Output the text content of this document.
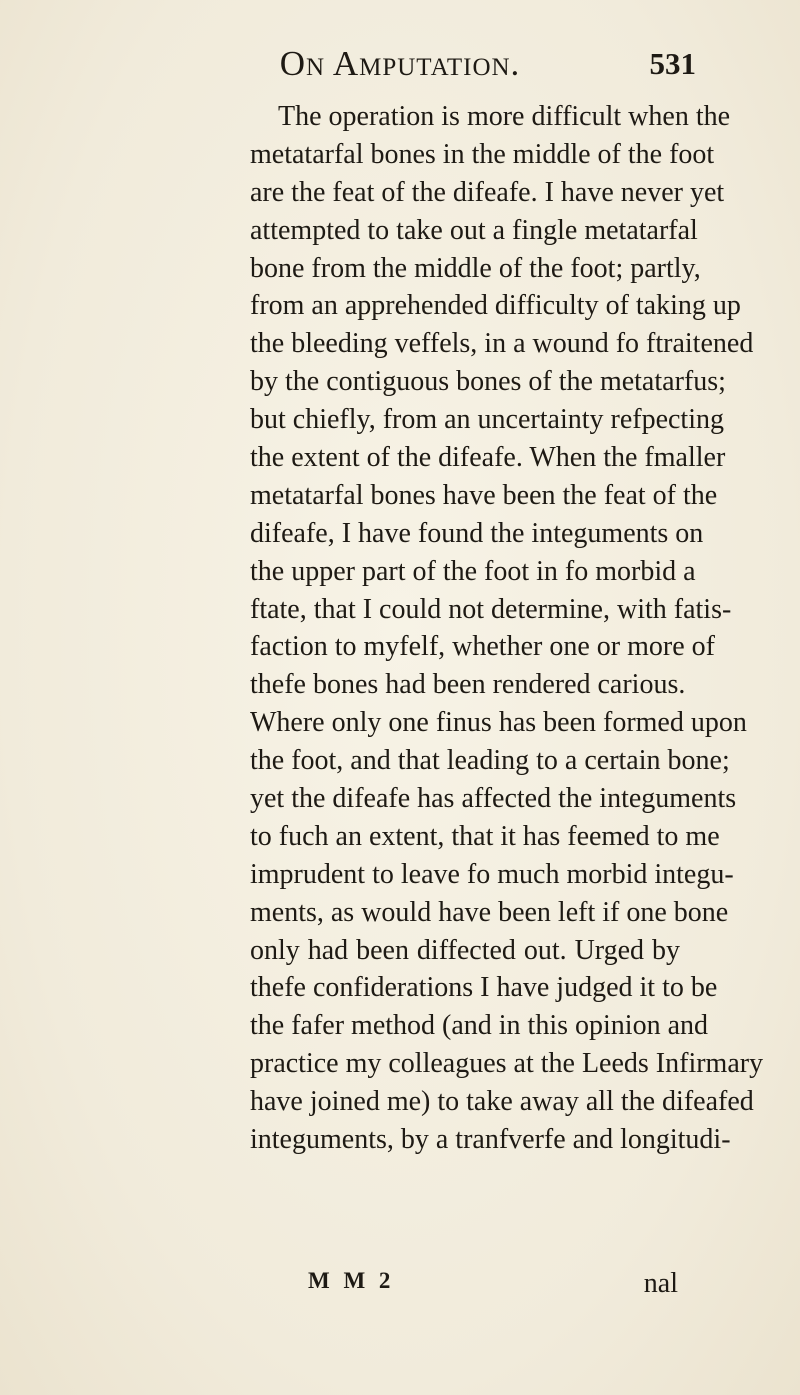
On Amputation.	531
The operation is more difficult when the
metatarfal bones in the middle of the foot
are the feat of the difeafe. I have never yet
attempted to take out a fingle metatarfal
bone from the middle of the foot; partly,
from an apprehended difficulty of taking up
the bleeding veffels, in a wound fo ftraitened
by the contiguous bones of the metatarfus;
but chiefly, from an uncertainty refpecting
the extent of the difeafe. When the fmaller
metatarfal bones have been the feat of the
difeafe, I have found the integuments on
the upper part of the foot in fo morbid a
ftate, that I could not determine, with fatis-
faction to myfelf, whether one or more of
thefe bones had been rendered carious.
Where only one finus has been formed upon
the foot, and that leading to a certain bone;
yet the difeafe has affected the integuments
to fuch an extent, that it has feemed to me
imprudent to leave fo much morbid integu-
ments, as would have been left if one bone
only had been diffected out. Urged by
thefe confiderations I have judged it to be
the fafer method (and in this opinion and
practice my colleagues at the Leeds Infirmary
have joined me) to take away all the difeafed
integuments, by a tranfverfe and longitudi-
M M 2	nal
